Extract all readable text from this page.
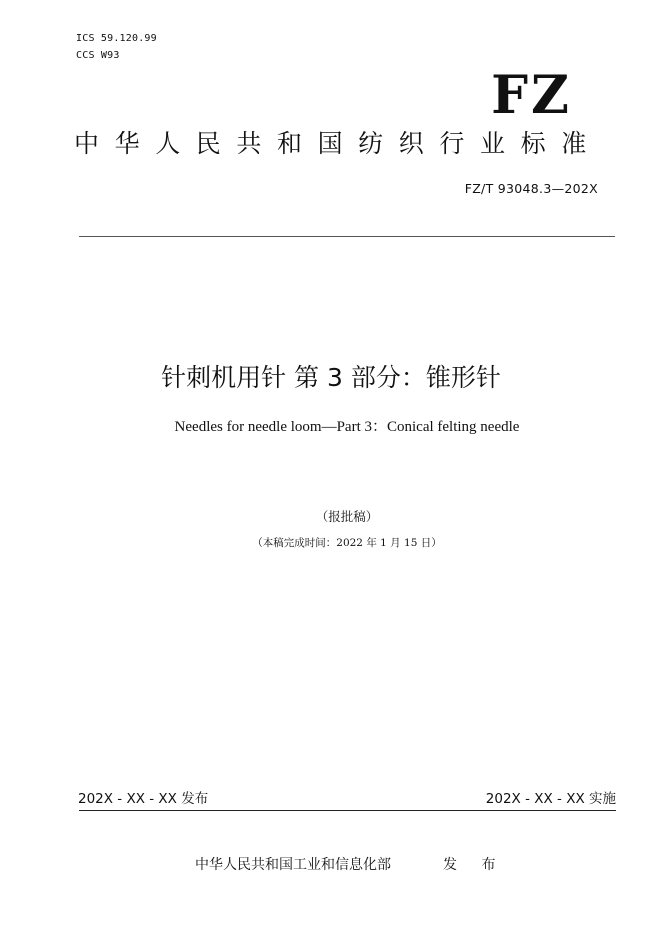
ICS 59.120.99
CCS W93
FZ
中华人民共和国纺织行业标准
FZ/T 93048.3—202X
针刺机用针 第 3 部分：锥形针
Needles for needle loom—Part 3：Conical felting needle
（报批稿）
（本稿完成时间：2022 年 1 月 15 日）
202X - XX - XX 发布	202X - XX - XX 实施
中华人民共和国工业和信息化部	发 布
